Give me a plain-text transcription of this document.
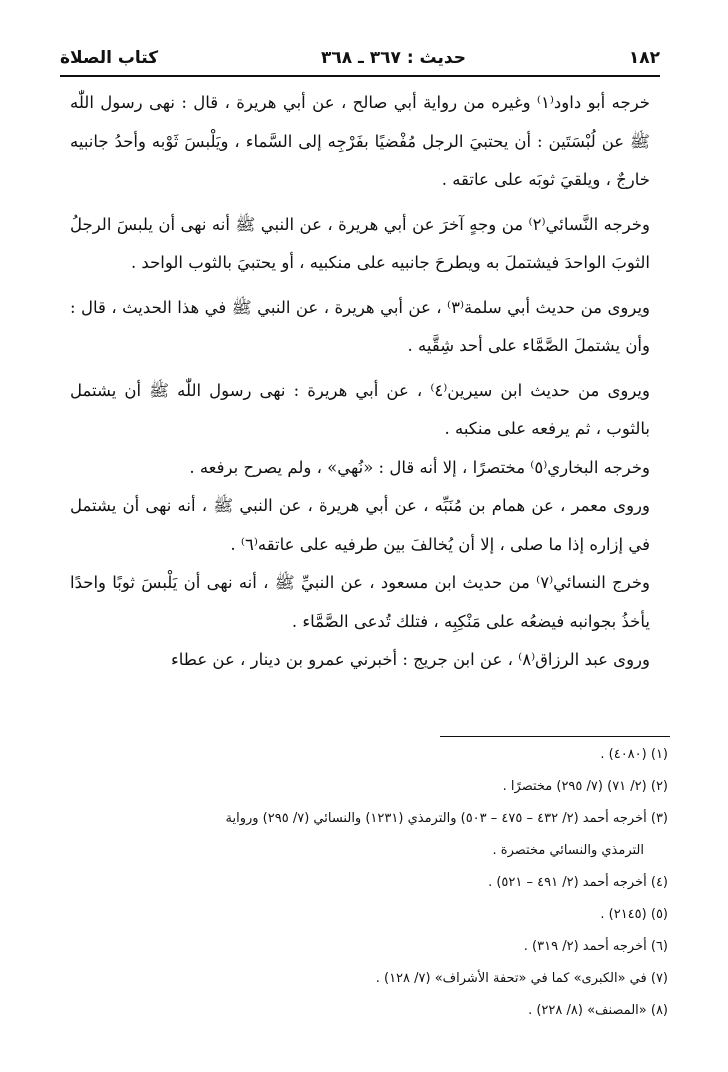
١٨٢
حديث : ٣٦٧ ـ ٣٦٨
كتاب الصلاة

خرجه أبو داود⁽١⁾ وغيره من رواية أبي صالح ، عن أبي هريرة ، قال : نهى رسول اللّٰه ﷺ عن لُبْسَتَين : أن يحتبيَ الرجل مُفْضيًا بفَرْجِه إلى السَّماء ، ويَلْبسَ ثَوْبه وأحدُ جانبيه خارجٌ ، ويلقيَ ثوبَه على عاتقه .

وخرجه النَّسائي⁽٢⁾ من وجهٍ آخرَ عن أبي هريرة ، عن النبي ﷺ أنه نهى أن يلبسَ الرجلُ الثوبَ الواحدَ فيشتملَ به ويطرحَ جانبيه على منكبيه ، أو يحتبيَ بالثوب الواحد .

ويروى من حديث أبي سلمة⁽٣⁾ ، عن أبي هريرة ، عن النبي ﷺ في هذا الحديث ، قال : وأن يشتملَ الصَّمَّاء على أحد شِقَّيه .

ويروى من حديث ابن سيرين⁽٤⁾ ، عن أبي هريرة : نهى رسول اللّٰه ﷺ أن يشتمل بالثوب ، ثم يرفعه على منكبه .

وخرجه البخاري⁽٥⁾ مختصرًا ، إلا أنه قال : «نُهي» ، ولم يصرح برفعه .

وروى معمر ، عن همام بن مُنَبِّه ، عن أبي هريرة ، عن النبي ﷺ ، أنه نهى أن يشتمل في إزاره إذا ما صلى ، إلا أن يُخالفَ بين طرفيه على عاتقه⁽٦⁾ .

وخرج النسائي⁽٧⁾ من حديث ابن مسعود ، عن النبيِّ ﷺ ، أنه نهى أن يَلْبسَ ثوبًا واحدًا يأخذُ بجوانبه فيضعُه على مَنْكِبِه ، فتلك تُدعى الصَّمَّاء .

وروى عبد الرزاق⁽٨⁾ ، عن ابن جريج : أخبرني عمرو بن دينار ، عن عطاء

(١) (٤٠٨٠) .

(٢) (٢/ ٧١) (٧/ ٢٩٥) مختصرًا .

(٣) أخرجه أحمد (٢/ ٤٣٢ – ٤٧٥ – ٥٠٣) والترمذي (١٢٣١) والنسائي (٧/ ٢٩٥) ورواية

الترمذي والنسائي مختصرة .

(٤) أخرجه أحمد (٢/ ٤٩١ – ٥٢١) .

(٥) (٢١٤٥) .

(٦) أخرجه أحمد (٢/ ٣١٩) .

(٧) في «الكبرى» كما في «تحفة الأشراف» (٧/ ١٢٨) .

(٨) «المصنف» (٨/ ٢٢٨) .
